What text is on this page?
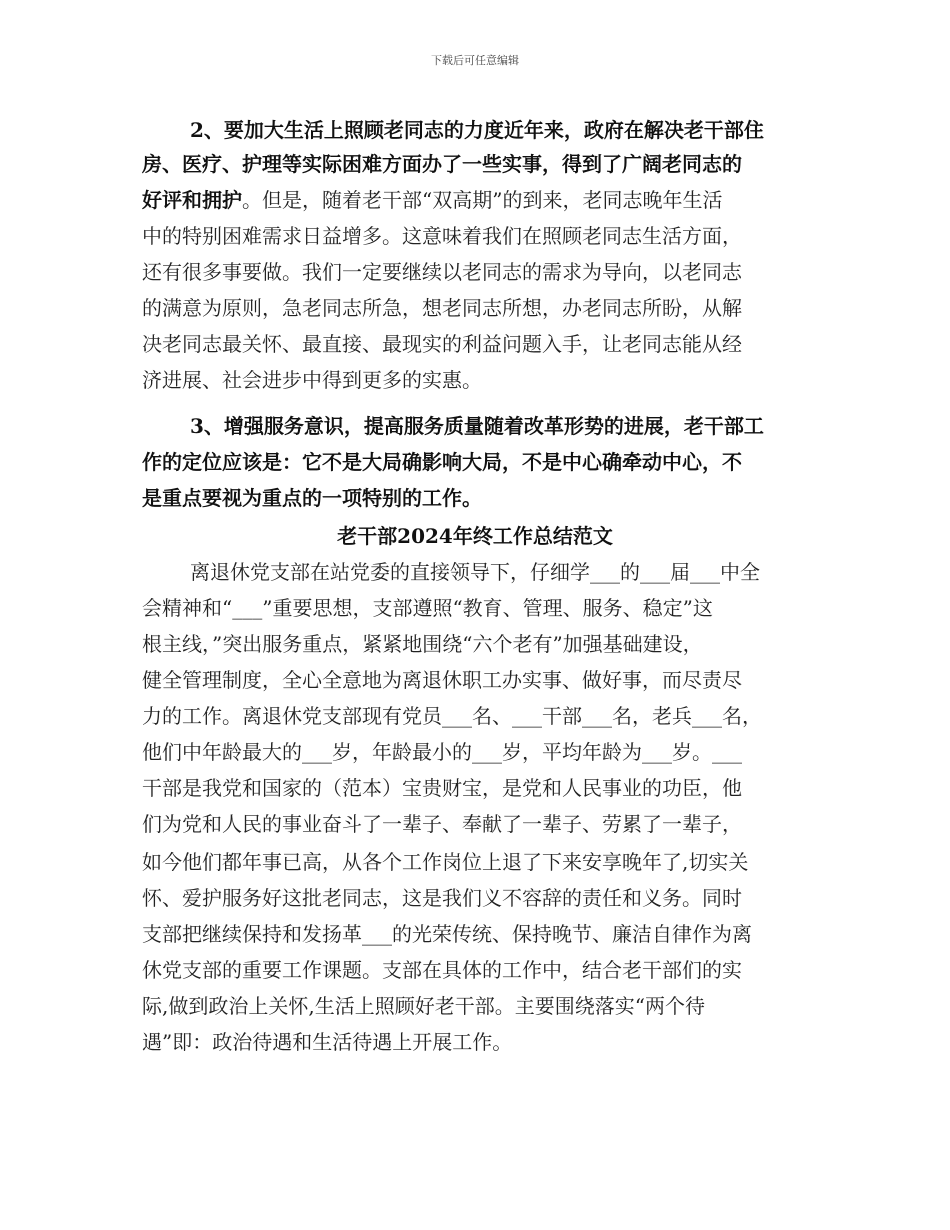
下载后可任意编辑
2、要加大生活上照顾老同志的力度近年来，政府在解决老干部住
房、医疗、护理等实际困难方面办了一些实事，得到了广阔老同志的
好评和拥护。但是，随着老干部“双高期”的到来，老同志晚年生活
中的特别困难需求日益增多。这意味着我们在照顾老同志生活方面，
还有很多事要做。我们一定要继续以老同志的需求为导向，以老同志
的满意为原则，急老同志所急，想老同志所想，办老同志所盼，从解
决老同志最关怀、最直接、最现实的利益问题入手，让老同志能从经
济进展、社会进步中得到更多的实惠。
3、增强服务意识，提高服务质量随着改革形势的进展，老干部工
作的定位应该是：它不是大局确影响大局，不是中心确牵动中心，不
是重点要视为重点的一项特别的工作。
老干部2024年终工作总结范文
离退休党支部在站党委的直接领导下，仔细学___的___届___中全
会精神和“___”重要思想，支部遵照“教育、管理、服务、稳定”这
根主线，”突出服务重点，紧紧地围绕“六个老有”加强基础建设，
健全管理制度，全心全意地为离退休职工办实事、做好事，而尽责尽
力的工作。离退休党支部现有党员___名、___干部___名，老兵___名，
他们中年龄最大的___岁，年龄最小的___岁，平均年龄为___岁。___
干部是我党和国家的（范本）宝贵财宝，是党和人民事业的功臣，他
们为党和人民的事业奋斗了一辈子、奉献了一辈子、劳累了一辈子，
如今他们都年事已高，从各个工作岗位上退了下来安享晚年了,切实关
怀、爱护服务好这批老同志，这是我们义不容辞的责任和义务。同时
支部把继续保持和发扬革___的光荣传统、保持晚节、廉洁自律作为离
休党支部的重要工作课题。支部在具体的工作中，结合老干部们的实
际,做到政治上关怀,生活上照顾好老干部。主要围绕落实“两个待
遇”即：政治待遇和生活待遇上开展工作。
